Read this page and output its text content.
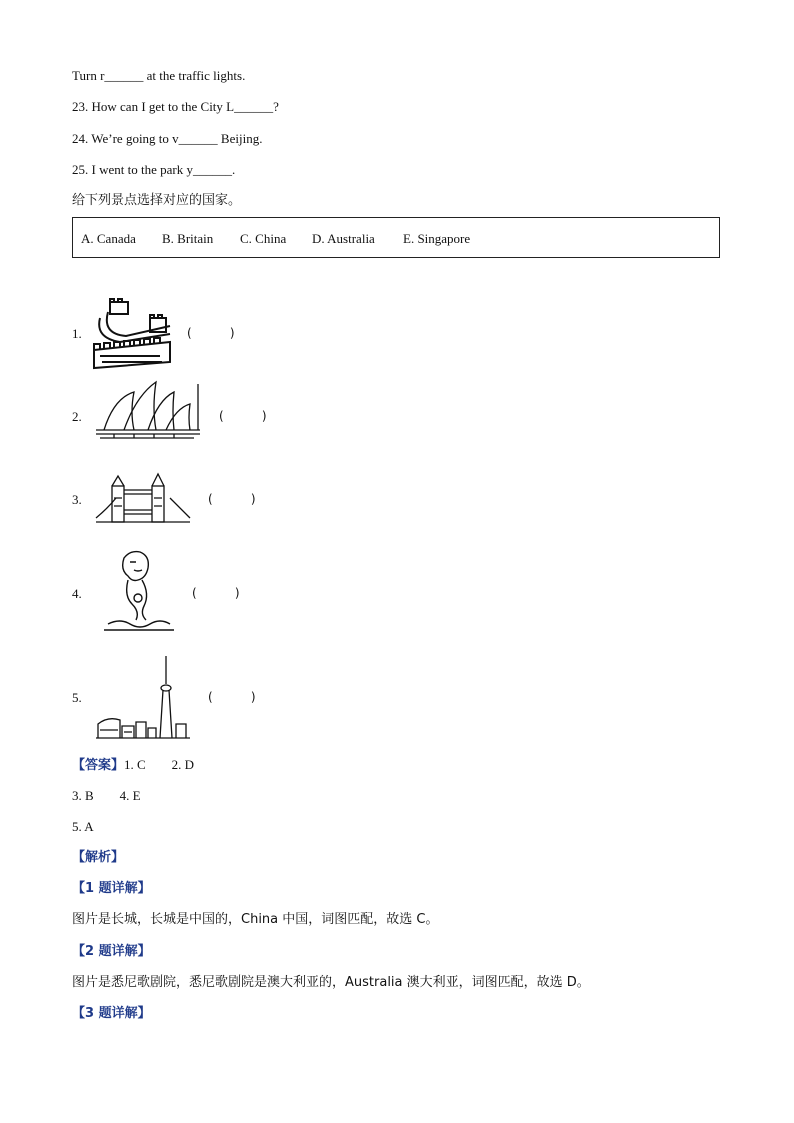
Turn r______ at the traffic lights.
23. How can I get to the City L______?
24. We’re going to v______ Beijing.
25. I went to the park y______.
给下列景点选择对应的国家。
A. Canada B. Britain C. China D. Australia E. Singapore
1.	(          )
2.	(          )
3.	(          )
4.	(          )
5.	(          )
【答案】1. C        2. D
3. B        4. E
5. A
【解析】
【1 题详解】
图片是长城，长城是中国的，China 中国，词图匹配，故选 C。
【2 题详解】
图片是悉尼歌剧院，悉尼歌剧院是澳大利亚的，Australia 澳大利亚，词图匹配，故选 D。
【3 题详解】
